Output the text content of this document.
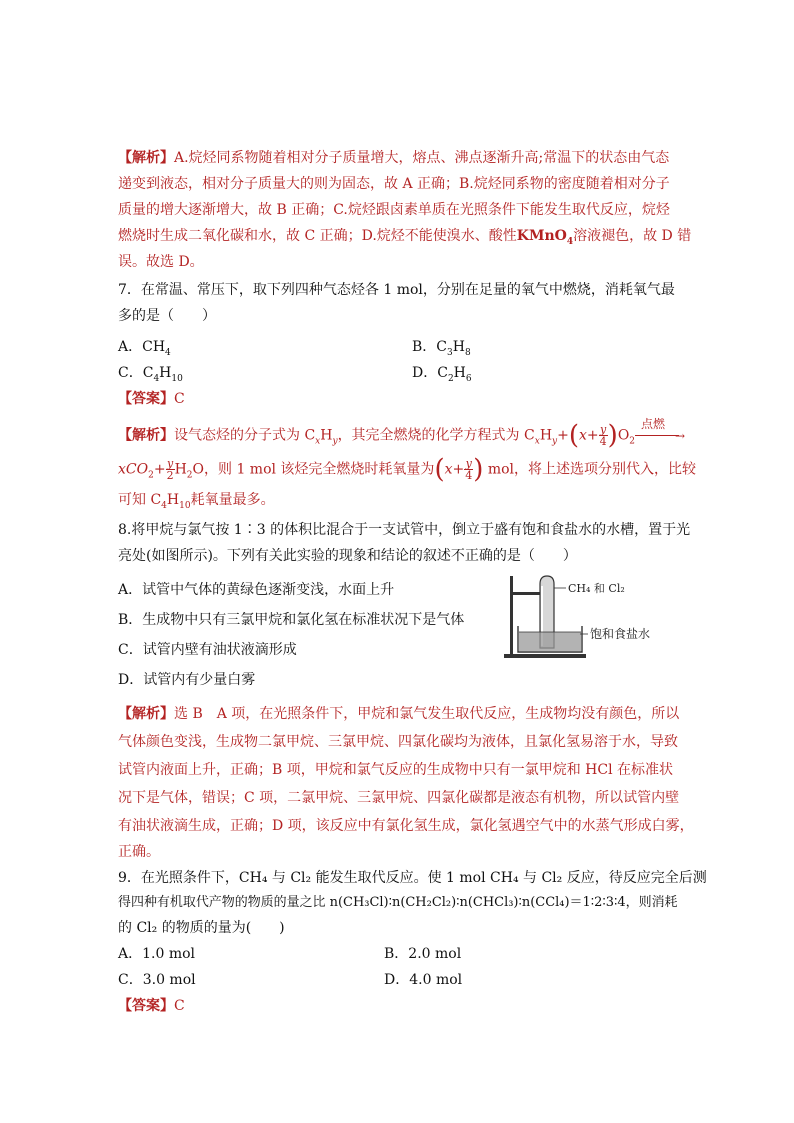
【解析】A.烷烃同系物随着相对分子质量增大，熔点、沸点逐渐升高;常温下的状态由气态
递变到液态，相对分子质量大的则为固态，故 A 正确；B.烷烃同系物的密度随着相对分子
质量的增大逐渐增大，故 B 正确；C.烷烃跟卤素单质在光照条件下能发生取代反应，烷烃
燃烧时生成二氧化碳和水，故 C 正确；D.烷烃不能使溴水、酸性KMnO$_4$溶液褪色，故 D 错
误。故选 D。
7．在常温、常压下，取下列四种气态烃各 1 mol，分别在足量的氧气中燃烧，消耗氧气最
多的是（　　）
A．$CH_4$	B．$C_3H_8$
C．$C_4H_{10}$	D．$C_2H_6$
【答案】C
【解析】设气态烃的分子式为 $C_xH_y$，其完全燃烧的化学方程式为 $C_xH_y+(x+ \frac{y}{4} )O_2$
点燃
→
$xCO_2+ \frac{y}{2} H_2O$，则 1 mol 该烃完全燃烧时耗氧量为($x+ \frac{y}{4}$ ) mol，将上述选项分别代入，比较
可知 $C_4H_{10}$耗氧量最多。
8.将甲烷与氯气按 1∶3 的体积比混合于一支试管中，倒立于盛有饱和食盐水的水槽，置于光
亮处(如图所示)。下列有关此实验的现象和结论的叙述不正确的是（　　）
A．试管中气体的黄绿色逐渐变浅，水面上升
B．生成物中只有三氯甲烷和氯化氢在标准状况下是气体
C．试管内壁有油状液滴形成
D．试管内有少量白雾
CH₄ 和 Cl₂
饱和食盐水
【解析】选 B　A 项，在光照条件下，甲烷和氯气发生取代反应，生成物均没有颜色，所以
气体颜色变浅，生成物二氯甲烷、三氯甲烷、四氯化碳均为液体，且氯化氢易溶于水，导致
试管内液面上升，正确；B 项，甲烷和氯气反应的生成物中只有一氯甲烷和 HCl 在标准状
况下是气体，错误；C 项，二氯甲烷、三氯甲烷、四氯化碳都是液态有机物，所以试管内壁
有油状液滴生成，正确；D 项，该反应中有氯化氢生成，氯化氢遇空气中的水蒸气形成白雾，
正确。
9．在光照条件下，CH₄ 与 Cl₂ 能发生取代反应。使 1 mol CH₄ 与 Cl₂ 反应，待反应完全后测
得四种有机取代产物的物质的量之比 n(CH₃Cl)∶n(CH₂Cl₂)∶n(CHCl₃)∶n(CCl₄)＝1∶2∶3∶4，则消耗
的 Cl₂ 的物质的量为(　　)
A．1.0 mol	B．2.0 mol
C．3.0 mol	D．4.0 mol
【答案】C
